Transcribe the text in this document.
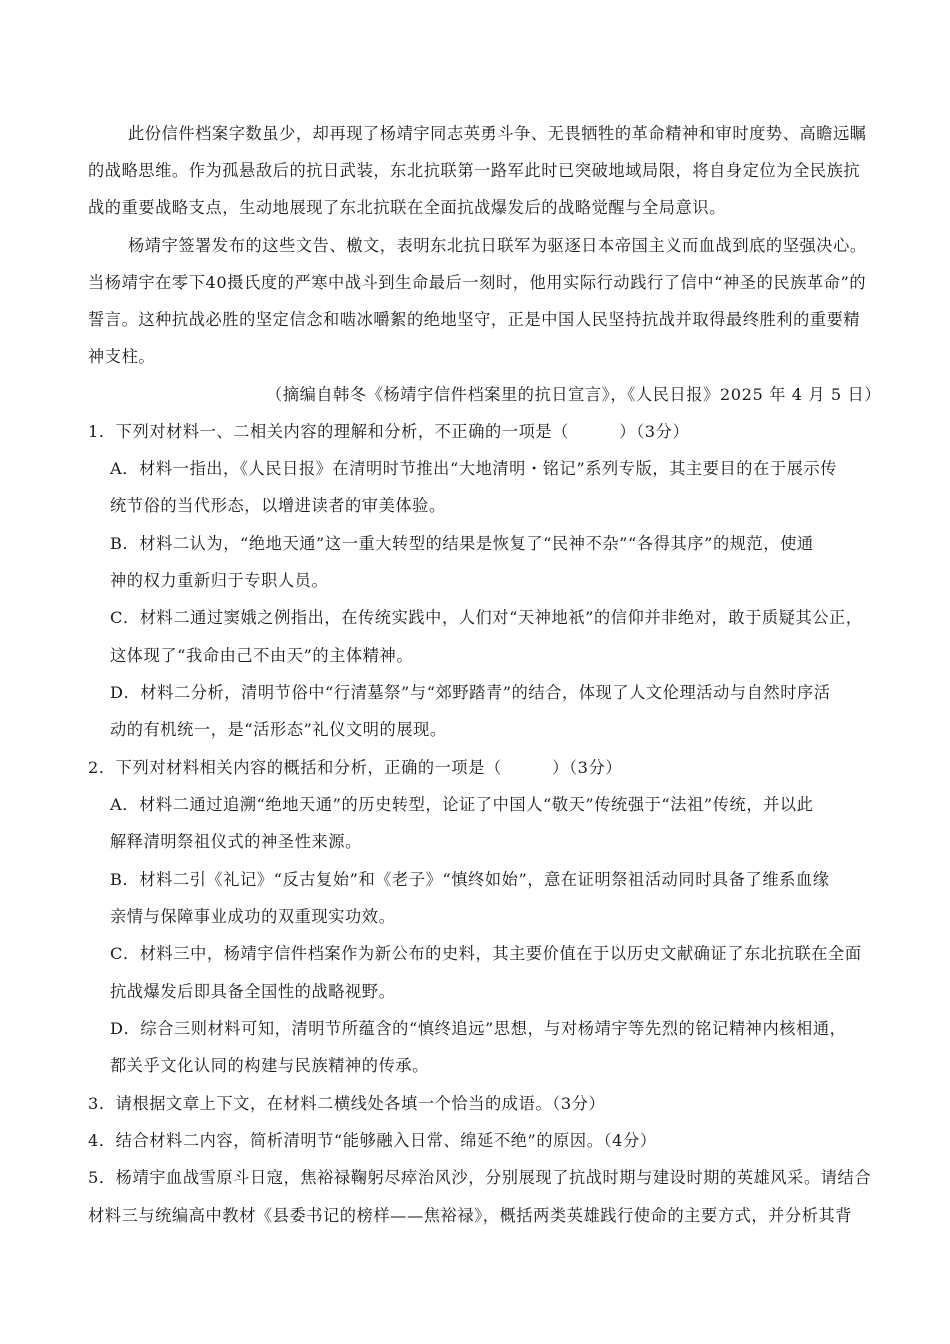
此份信件档案字数虽少，却再现了杨靖宇同志英勇斗争、无畏牺牲的革命精神和审时度势、高瞻远瞩
的战略思维。作为孤悬敌后的抗日武装，东北抗联第一路军此时已突破地域局限，将自身定位为全民族抗
战的重要战略支点，生动地展现了东北抗联在全面抗战爆发后的战略觉醒与全局意识。
杨靖宇签署发布的这些文告、檄文，表明东北抗日联军为驱逐日本帝国主义而血战到底的坚强决心。
当杨靖宇在零下40摄氏度的严寒中战斗到生命最后一刻时，他用实际行动践行了信中“神圣的民族革命”的
誓言。这种抗战必胜的坚定信念和啮冰嚼絮的绝地坚守，正是中国人民坚持抗战并取得最终胜利的重要精
神支柱。
（摘编自韩冬《杨靖宇信件档案里的抗日宣言》，《人民日报》2025 年 4 月 5 日）
1．下列对材料一、二相关内容的理解和分析，不正确的一项是（　　　）（3分）
A．材料一指出，《人民日报》在清明时节推出“大地清明・铭记”系列专版，其主要目的在于展示传
统节俗的当代形态，以增进读者的审美体验。
B．材料二认为，“绝地天通”这一重大转型的结果是恢复了“民神不杂”“各得其序”的规范，使通
神的权力重新归于专职人员。
C．材料二通过窦娥之例指出，在传统实践中，人们对“天神地祇”的信仰并非绝对，敢于质疑其公正，
这体现了“我命由己不由天”的主体精神。
D．材料二分析，清明节俗中“行清墓祭”与“郊野踏青”的结合，体现了人文伦理活动与自然时序活
动的有机统一，是“活形态”礼仪文明的展现。
2．下列对材料相关内容的概括和分析，正确的一项是（　　　）（3分）
A．材料二通过追溯“绝地天通”的历史转型，论证了中国人“敬天”传统强于“法祖”传统，并以此
解释清明祭祖仪式的神圣性来源。
B．材料二引《礼记》“反古复始”和《老子》“慎终如始”，意在证明祭祖活动同时具备了维系血缘
亲情与保障事业成功的双重现实功效。
C．材料三中，杨靖宇信件档案作为新公布的史料，其主要价值在于以历史文献确证了东北抗联在全面
抗战爆发后即具备全国性的战略视野。
D．综合三则材料可知，清明节所蕴含的“慎终追远”思想，与对杨靖宇等先烈的铭记精神内核相通，
都关乎文化认同的构建与民族精神的传承。
3．请根据文章上下文，在材料二横线处各填一个恰当的成语。（3分）
4．结合材料二内容，简析清明节“能够融入日常、绵延不绝”的原因。（4分）
5．杨靖宇血战雪原斗日寇，焦裕禄鞠躬尽瘁治风沙，分别展现了抗战时期与建设时期的英雄风采。请结合
材料三与统编高中教材《县委书记的榜样——焦裕禄》，概括两类英雄践行使命的主要方式，并分析其背
